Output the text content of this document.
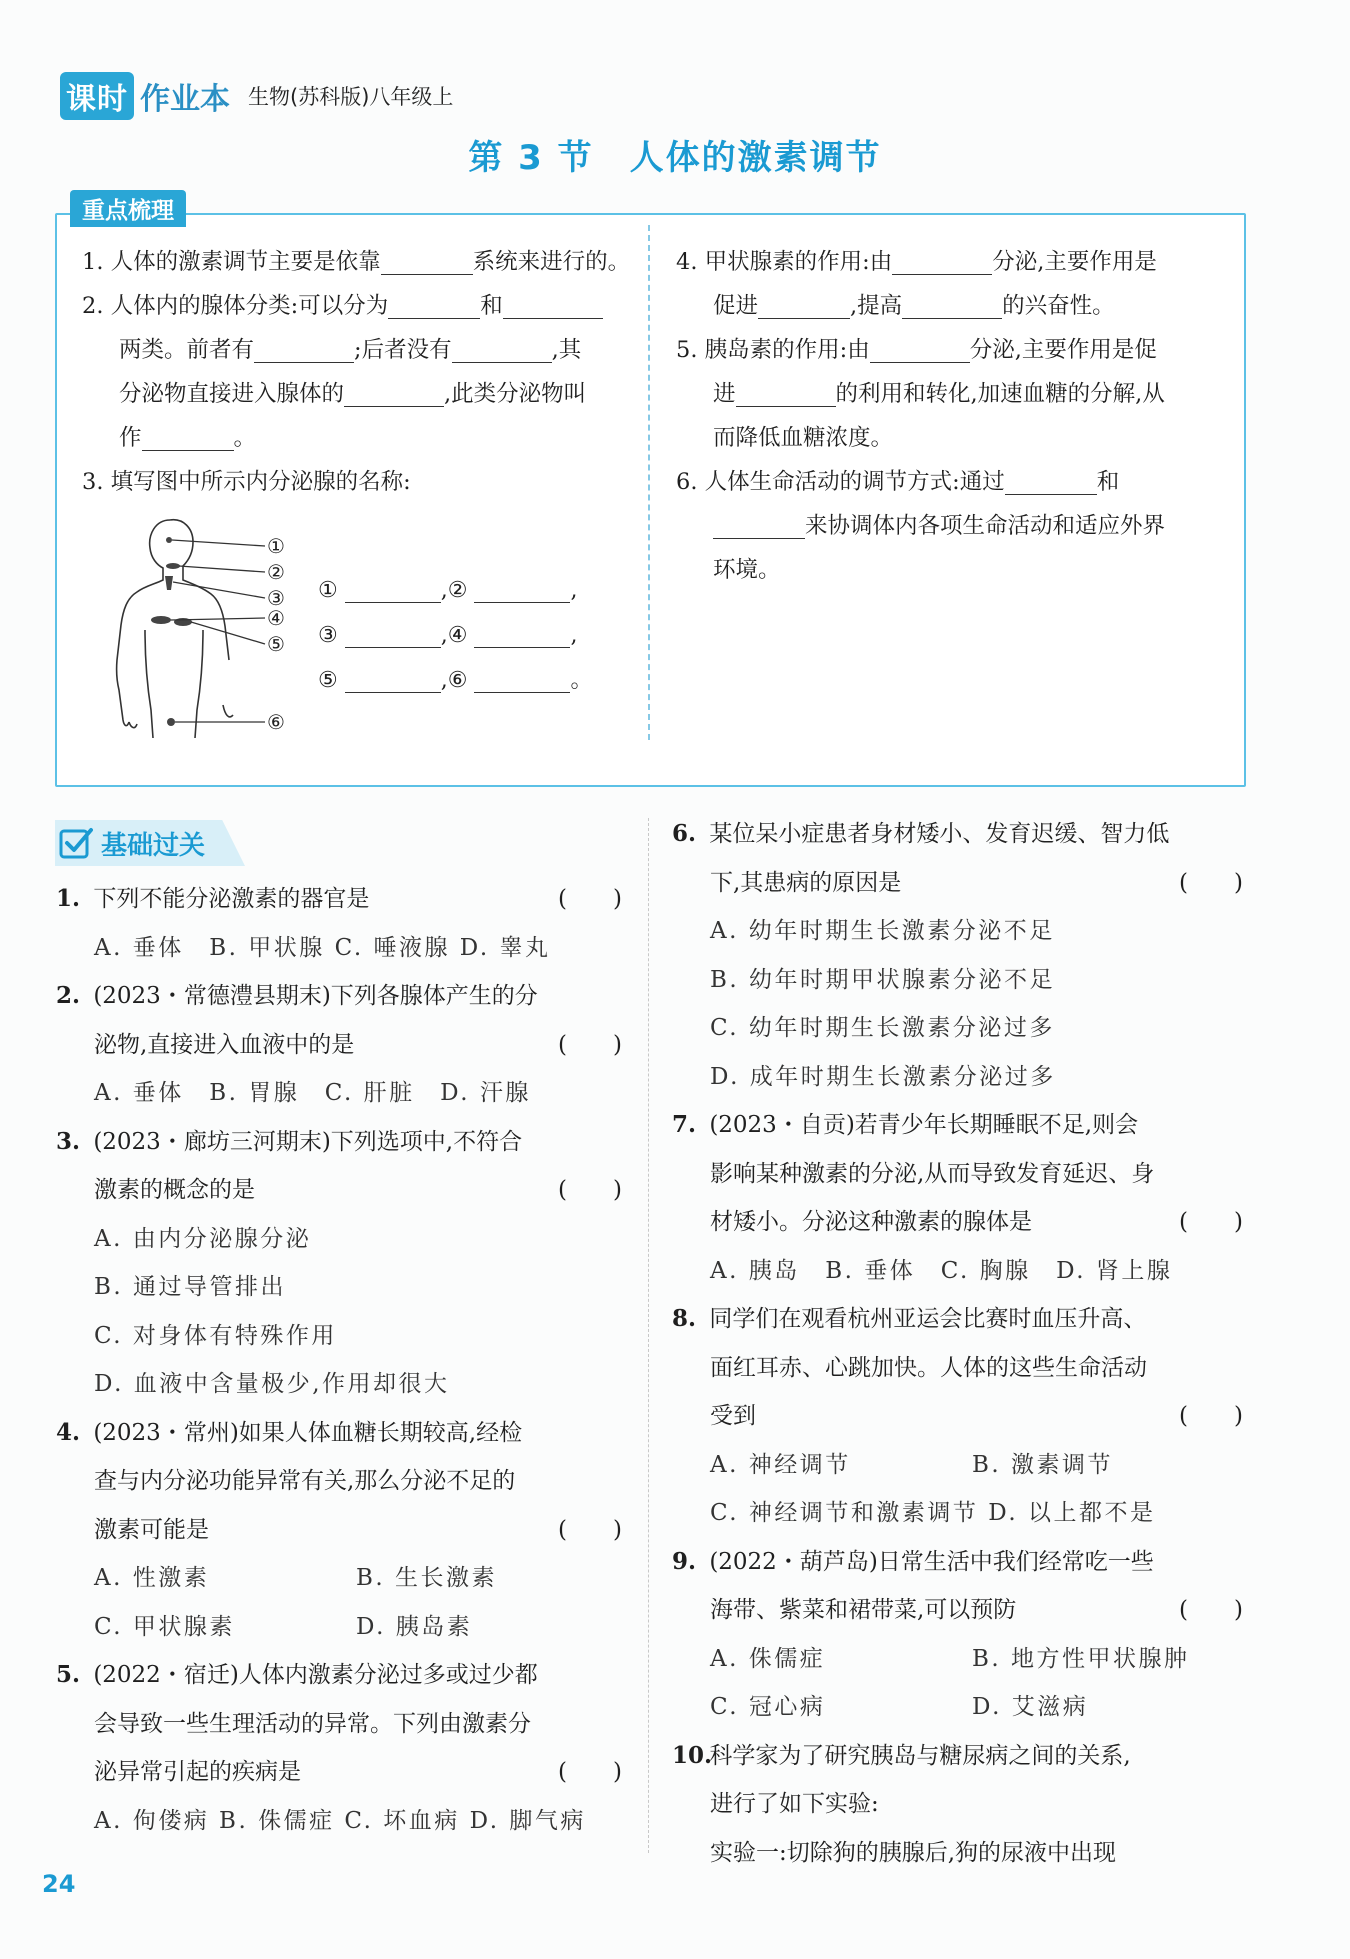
课时 作业本 生物(苏科版)八年级上
第 3 节　人体的激素调节
重点梳理
1. 人体的激素调节主要是依靠	系统来进行的。
2. 人体内的腺体分类:可以分为	和
两类。前者有	;后者没有	,其
分泌物直接进入腺体的	,此类分泌物叫
作	。
3. 填写图中所示内分泌腺的名称:
①
②
③
④
⑤
⑥
①	,②	,
③	,④	,
⑤	,⑥	。
4. 甲状腺素的作用:由	分泌,主要作用是
促进	,提高	的兴奋性。
5. 胰岛素的作用:由	分泌,主要作用是促
进	的利用和转化,加速血糖的分解,从
而降低血糖浓度。
6. 人体生命活动的调节方式:通过	和
来协调体内各项生命活动和适应外界
环境。
基础过关
1. 下列不能分泌激素的器官是	(　　)
A. 垂体　B. 甲状腺 C. 唾液腺 D. 睾丸
2. (2023・常德澧县期末)下列各腺体产生的分
泌物,直接进入血液中的是	(　　)
A. 垂体　B. 胃腺　C. 肝脏　D. 汗腺
3. (2023・廊坊三河期末)下列选项中,不符合
激素的概念的是	(　　)
A. 由内分泌腺分泌
B. 通过导管排出
C. 对身体有特殊作用
D. 血液中含量极少,作用却很大
4. (2023・常州)如果人体血糖长期较高,经检
查与内分泌功能异常有关,那么分泌不足的
激素可能是	(　　)
A. 性激素	B. 生长激素
C. 甲状腺素	D. 胰岛素
5. (2022・宿迁)人体内激素分泌过多或过少都
会导致一些生理活动的异常。下列由激素分
泌异常引起的疾病是	(　　)
A. 佝偻病 B. 侏儒症 C. 坏血病 D. 脚气病
6. 某位呆小症患者身材矮小、发育迟缓、智力低
下,其患病的原因是	(　　)
A. 幼年时期生长激素分泌不足
B. 幼年时期甲状腺素分泌不足
C. 幼年时期生长激素分泌过多
D. 成年时期生长激素分泌过多
7. (2023・自贡)若青少年长期睡眠不足,则会
影响某种激素的分泌,从而导致发育延迟、身
材矮小。分泌这种激素的腺体是	(　　)
A. 胰岛　B. 垂体　C. 胸腺　D. 肾上腺
8. 同学们在观看杭州亚运会比赛时血压升高、
面红耳赤、心跳加快。人体的这些生命活动
受到	(　　)
A. 神经调节	B. 激素调节
C. 神经调节和激素调节 D. 以上都不是
9. (2022・葫芦岛)日常生活中我们经常吃一些
海带、紫菜和裙带菜,可以预防	(　　)
A. 侏儒症	B. 地方性甲状腺肿
C. 冠心病	D. 艾滋病
10. 科学家为了研究胰岛与糖尿病之间的关系,
进行了如下实验:
实验一:切除狗的胰腺后,狗的尿液中出现
24
